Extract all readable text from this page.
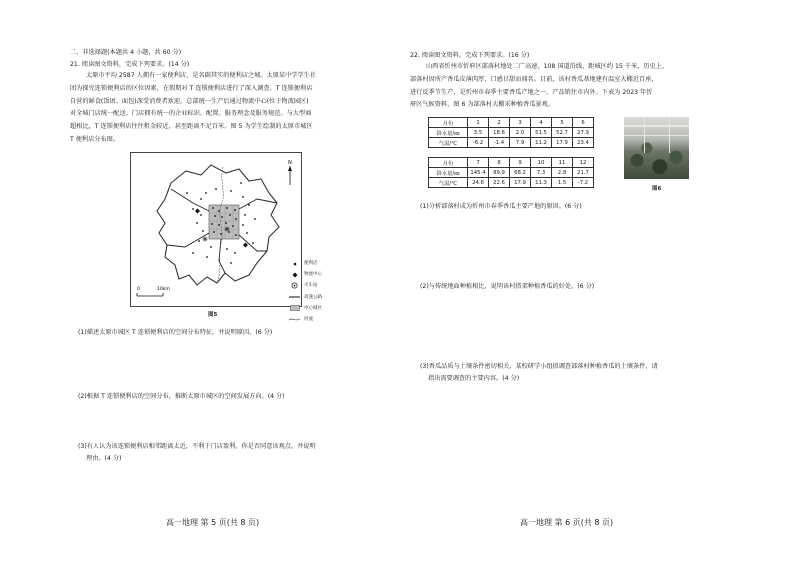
二、非选择题(本题共 4 小题，共 60 分)
21. 阅读图文资料，完成下列要求。(14 分)
太原市平均 2587 人拥有一家便利店，是名副其实的便利店之城。太原某中学学生社
团为探究连锁便利店的区位因素，在假期对 T 连锁便利店进行了深入调查。T 连锁便利店
自营的鲜食(饭团、面包)深受消费者欢迎，总部统一生产后通过物流中心(位于物流园区)
对全城门店统一配送。门店拥有统一的企业标识、配置、服务理念及服务规范。与大型商
超相比，T 连锁便利店往往租金较近，甚至距离不足百米。图 5 为学生绘制的太原市城区
T 便利店分布图。
N
0	10km
便利店
物流中心
火车站
高速公路
中心城区
河流
图5
(1)描述太原市城区 T 连锁便利店的空间分布特征，并说明原因。(6 分)
(2)根据 T 连锁便利店的空间分布，推断太原市城区的空间发展方向。(4 分)
(3)有人认为该连锁便利店相邻距离太近，不利于门店盈利。你是否同意该观点，并说明
理由。(4 分)
高一地理 第 5 页(共 8 页)
22. 阅读图文资料，完成下列要求。(16 分)
山西省忻州市忻府区部落村地处二广高速、108 国道沿线，距城区约 15 千米，历史上，
部落村因所产香瓜皮薄肉厚、口感甘甜而闻名。目前，该村香瓜基地建有温室大棚近百座，
进行反季节生产，是忻州市春季主要香瓜产地之一，产品销往市内外。下表为 2023 年忻
府区气候资料，图 6 为部落村大棚采种植香瓜景观。
月份	1	2	3	4	5	6
降水量/㎜	3.5	18.6	2.0	51.5	52.7	27.9
气温/℃	-6.2	-1.4	7.9	11.2	17.9	23.4

月份	7	8	9	10	11	12
降水量/㎜	145.4	89.9	68.2	7.3	2.8	21.7
气温/℃	24.6	22.6	17.9	11.3	1.5	-7.2
图6
(1)分析部落村成为忻州市春季香瓜主要产地的原因。(6 分)
(2)与传统地面种植相比，说明该村搭架种植香瓜的好处。(6 分)
(3)香瓜品质与土壤条件密切相关，某校研学小组拟调查部落村种植香瓜的土壤条件，请
指出需要调查的主要内容。(4 分)
高一地理 第 6 页(共 8 页)
